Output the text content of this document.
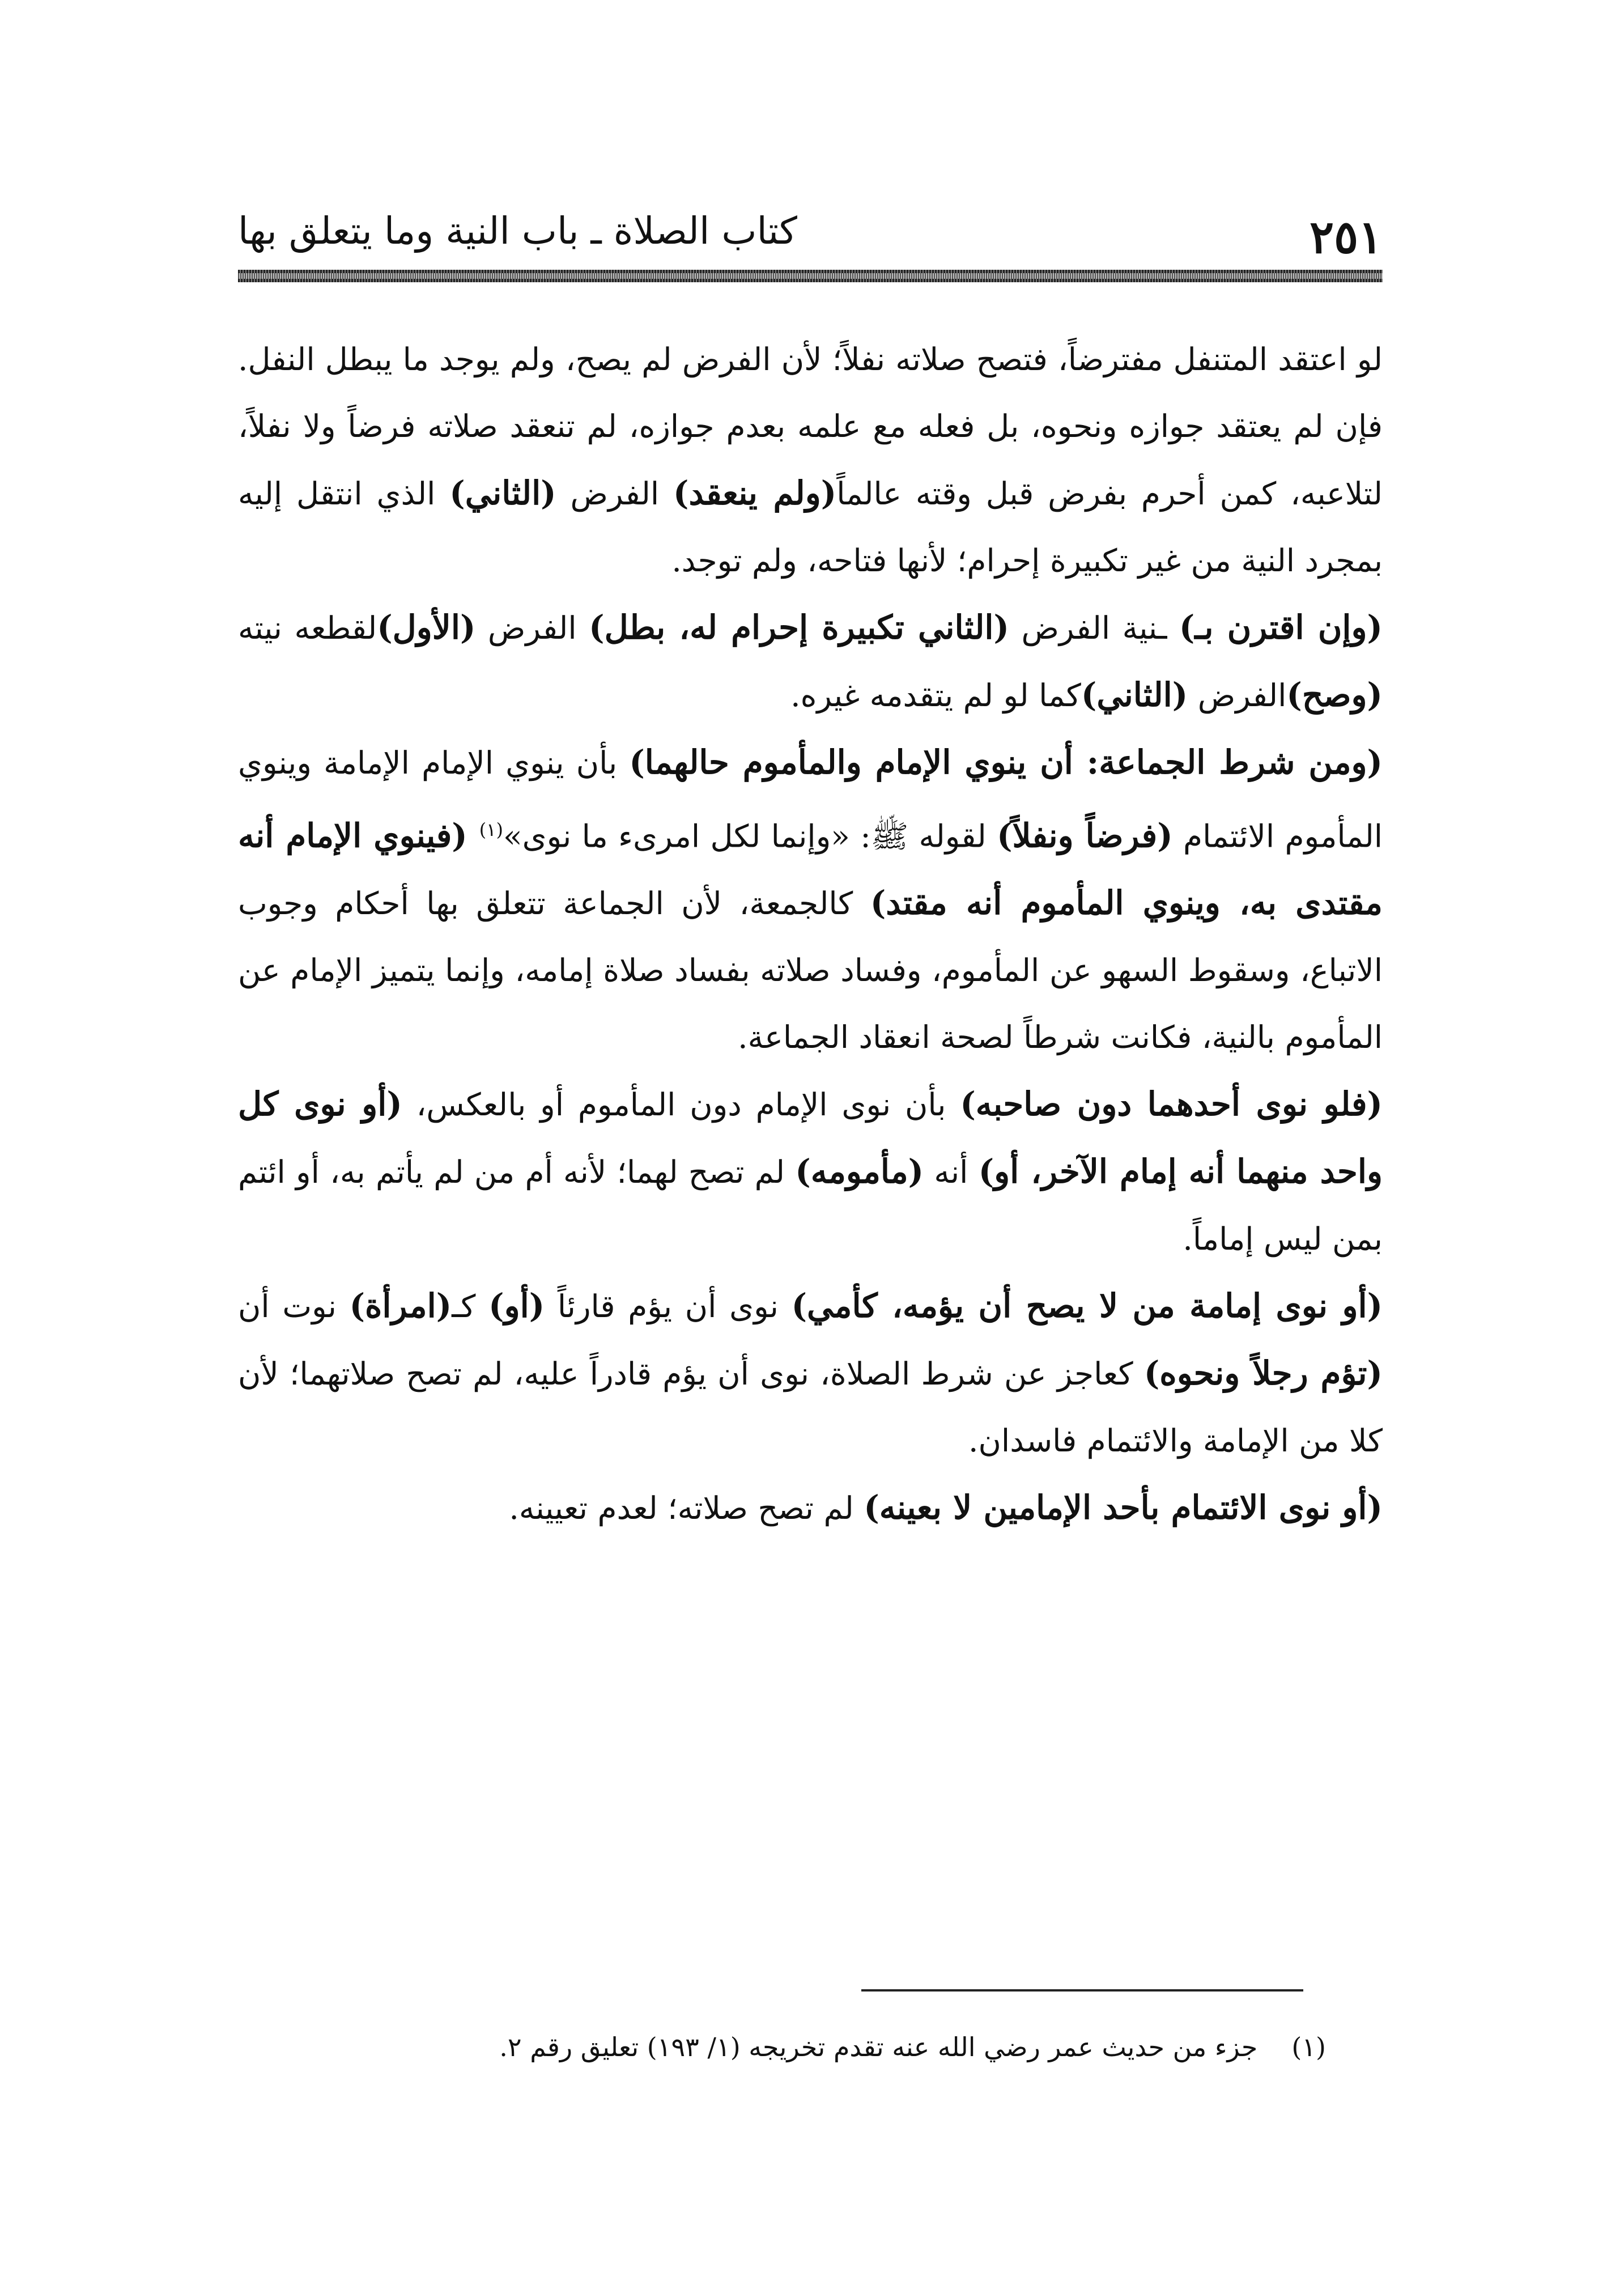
٢٥١
كتاب الصلاة ـ باب النية وما يتعلق بها

لو اعتقد المتنفل مفترضاً، فتصح صلاته نفلاً؛ لأن الفرض لم يصح، ولم يوجد ما يبطل النفل. فإن لم يعتقد جوازه ونحوه، بل فعله مع علمه بعدم جوازه، لم تنعقد صلاته فرضاً ولا نفلاً، لتلاعبه، كمن أحرم بفرض قبل وقته عالماً(ولم ينعقد) الفرض (الثاني) الذي انتقل إليه بمجرد النية من غير تكبيرة إحرام؛ لأنها فتاحه، ولم توجد.

(وإن اقترن بـ) ـنية الفرض (الثاني تكبيرة إحرام له، بطل) الفرض (الأول)لقطعه نيته (وصح)الفرض (الثاني)كما لو لم يتقدمه غيره.

(ومن شرط الجماعة: أن ينوي الإمام والمأموم حالهما) بأن ينوي الإمام الإمامة وينوي المأموم الائتمام (فرضاً ونفلاً) لقوله ﷺ: «وإنما لكل امرىء ما نوى»$^{(١)}$ (فينوي الإمام أنه مقتدى به، وينوي المأموم أنه مقتد) كالجمعة، لأن الجماعة تتعلق بها أحكام وجوب الاتباع، وسقوط السهو عن المأموم، وفساد صلاته بفساد صلاة إمامه، وإنما يتميز الإمام عن المأموم بالنية، فكانت شرطاً لصحة انعقاد الجماعة.

(فلو نوى أحدهما دون صاحبه) بأن نوى الإمام دون المأموم أو بالعكس، (أو نوى كل واحد منهما أنه إمام الآخر، أو) أنه (مأمومه) لم تصح لهما؛ لأنه أم من لم يأتم به، أو ائتم بمن ليس إماماً.

(أو نوى إمامة من لا يصح أن يؤمه، كأمي) نوى أن يؤم قارئاً (أو) كـ(امرأة) نوت أن (تؤم رجلاً ونحوه) كعاجز عن شرط الصلاة، نوى أن يؤم قادراً عليه، لم تصح صلاتهما؛ لأن كلا من الإمامة والائتمام فاسدان.

(أو نوى الائتمام بأحد الإمامين لا بعينه) لم تصح صلاته؛ لعدم تعيينه.

(١)جزء من حديث عمر رضي الله عنه تقدم تخريجه (١/ ١٩٣) تعليق رقم ٢.
